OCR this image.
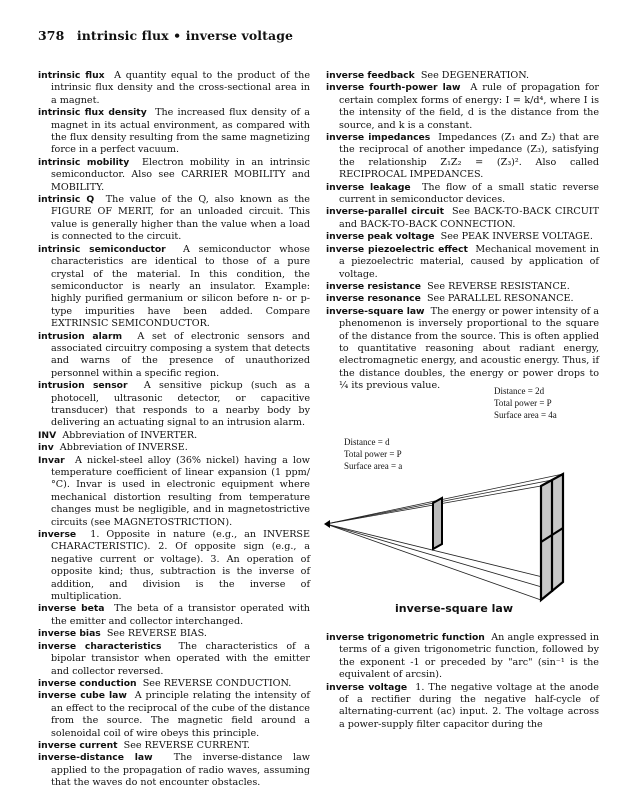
378 intrinsic flux • inverse voltage

intrinsic flux A quantity equal to the product of the intrinsic flux density and the cross-sectional area in a magnet.

intrinsic flux density The increased flux density of a magnet in its actual environment, as compared with the flux density resulting from the same magnetizing force in a perfect vacuum.

intrinsic mobility Electron mobility in an intrinsic semiconductor. Also see CARRIER MOBILITY and MOBILITY.

intrinsic Q The value of the Q, also known as the FIGURE OF MERIT, for an unloaded circuit. This value is generally higher than the value when a load is connected to the circuit.

intrinsic semiconductor A semiconductor whose characteristics are identical to those of a pure crystal of the material. In this condition, the semiconductor is nearly an insulator. Example: highly purified germanium or silicon before n- or p-type impurities have been added. Compare EXTRINSIC SEMICONDUCTOR.

intrusion alarm A set of electronic sensors and associated circuitry composing a system that detects and warns of the presence of unauthorized personnel within a specific region.

intrusion sensor A sensitive pickup (such as a photocell, ultrasonic detector, or capacitive transducer) that responds to a nearby body by delivering an actuating signal to an intrusion alarm.

INV Abbreviation of INVERTER.

inv Abbreviation of INVERSE.

Invar A nickel-steel alloy (36% nickel) having a low temperature coefficient of linear expansion (1 ppm/°C). Invar is used in electronic equipment where mechanical distortion resulting from temperature changes must be negligible, and in magnetostrictive circuits (see MAGNETOSTRICTION).

inverse 1. Opposite in nature (e.g., an INVERSE CHARACTERISTIC). 2. Of opposite sign (e.g., a negative current or voltage). 3. An operation of opposite kind; thus, subtraction is the inverse of addition, and division is the inverse of multiplication.

inverse beta The beta of a transistor operated with the emitter and collector interchanged.

inverse bias See REVERSE BIAS.

inverse characteristics The characteristics of a bipolar transistor when operated with the emitter and collector reversed.

inverse conduction See REVERSE CONDUCTION.

inverse cube law A principle relating the intensity of an effect to the reciprocal of the cube of the distance from the source. The magnetic field around a solenoidal coil of wire obeys this principle.

inverse current See REVERSE CURRENT.

inverse-distance law The inverse-distance law applied to the propagation of radio waves, assuming that the waves do not encounter obstacles.

inverse feedback See DEGENERATION.

inverse fourth-power law A rule of propagation for certain complex forms of energy: I = k/d⁴, where I is the intensity of the field, d is the distance from the source, and k is a constant.

inverse impedances Impedances (Z₁ and Z₂) that are the reciprocal of another impedance (Z₃), satisfying the relationship Z₁Z₂ = (Z₃)². Also called RECIPROCAL IMPEDANCES.

inverse leakage The flow of a small static reverse current in semiconductor devices.

inverse-parallel circuit See BACK-TO-BACK CIRCUIT and BACK-TO-BACK CONNECTION.

inverse peak voltage See PEAK INVERSE VOLTAGE.

inverse piezoelectric effect Mechanical movement in a piezoelectric material, caused by application of voltage.

inverse resistance See REVERSE RESISTANCE.

inverse resonance See PARALLEL RESONANCE.

inverse-square law The energy or power intensity of a phenomenon is inversely proportional to the square of the distance from the source. This is often applied to quantitative reasoning about radiant energy, electromagnetic energy, and acoustic energy. Thus, if the distance doubles, the energy or power drops to ¼ its previous value.

Distance = d
Total power = P
Surface area = a
Distance = 2d
Total power = P
Surface area = 4a
inverse-square law

inverse trigonometric function An angle expressed in terms of a given trigonometric function, followed by the exponent -1 or preceded by "arc" (sin⁻¹ is the equivalent of arcsin).

inverse voltage 1. The negative voltage at the anode of a rectifier during the negative half-cycle of alternating-current (ac) input. 2. The voltage across a power-supply filter capacitor during the
